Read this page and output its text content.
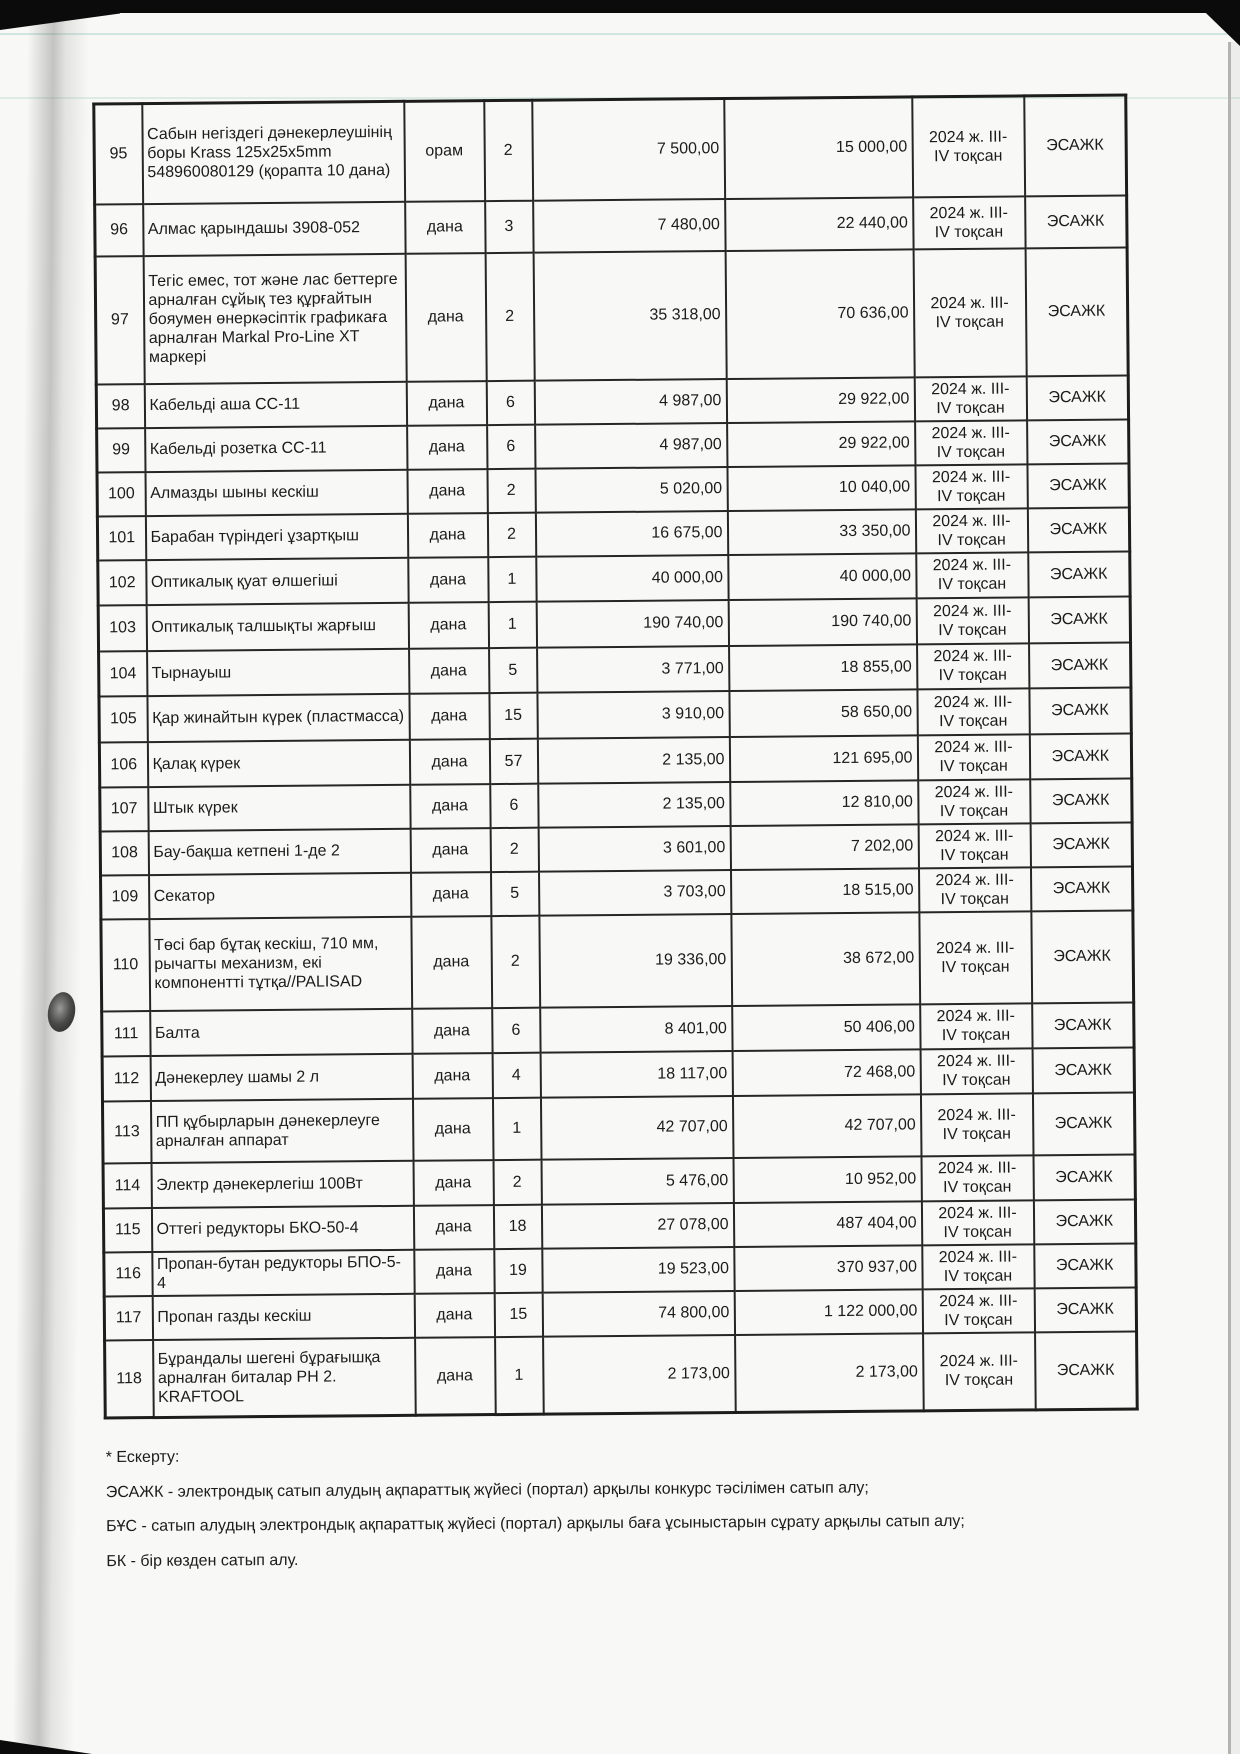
95	Сабын негіздегі дәнекерлеушінің боры Krass 125x25x5mm 548960080129 (қорапта 10 дана)	орам	2	7 500,00	15 000,00	2024 ж. III-
IV тоқсан	ЭСАЖК
96	Алмас қарындашы 3908-052	дана	3	7 480,00	22 440,00	2024 ж. III-
IV тоқсан	ЭСАЖК
97	Тегіс емес, тот және лас беттерге арналған сұйық тез құрғайтын бояумен өнеркәсіптік графикаға арналған Markal Pro-Line XT маркері	дана	2	35 318,00	70 636,00	2024 ж. III-
IV тоқсан	ЭСАЖК
98	Кабельді аша СС-11	дана	6	4 987,00	29 922,00	2024 ж. III-
IV тоқсан	ЭСАЖК
99	Кабельді розетка СС-11	дана	6	4 987,00	29 922,00	2024 ж. III-
IV тоқсан	ЭСАЖК
100	Алмазды шыны кескіш	дана	2	5 020,00	10 040,00	2024 ж. III-
IV тоқсан	ЭСАЖК
101	Барабан түріндегі ұзартқыш	дана	2	16 675,00	33 350,00	2024 ж. III-
IV тоқсан	ЭСАЖК
102	Оптикалық қуат өлшегіші	дана	1	40 000,00	40 000,00	2024 ж. III-
IV тоқсан	ЭСАЖК
103	Оптикалық талшықты жарғыш	дана	1	190 740,00	190 740,00	2024 ж. III-
IV тоқсан	ЭСАЖК
104	Тырнауыш	дана	5	3 771,00	18 855,00	2024 ж. III-
IV тоқсан	ЭСАЖК
105	Қар жинайтын күрек (пластмасса)	дана	15	3 910,00	58 650,00	2024 ж. III-
IV тоқсан	ЭСАЖК
106	Қалақ күрек	дана	57	2 135,00	121 695,00	2024 ж. III-
IV тоқсан	ЭСАЖК
107	Штык күрек	дана	6	2 135,00	12 810,00	2024 ж. III-
IV тоқсан	ЭСАЖК
108	Бау-бақша кетпені 1-де 2	дана	2	3 601,00	7 202,00	2024 ж. III-
IV тоқсан	ЭСАЖК
109	Секатор	дана	5	3 703,00	18 515,00	2024 ж. III-
IV тоқсан	ЭСАЖК
110	Төсі бар бұтақ кескіш, 710 мм, рычагты механизм, екі компонентті тұтқа//PALISAD	дана	2	19 336,00	38 672,00	2024 ж. III-
IV тоқсан	ЭСАЖК
111	Балта	дана	6	8 401,00	50 406,00	2024 ж. III-
IV тоқсан	ЭСАЖК
112	Дәнекерлеу шамы 2 л	дана	4	18 117,00	72 468,00	2024 ж. III-
IV тоқсан	ЭСАЖК
113	ПП құбырларын дәнекерлеуге арналған аппарат	дана	1	42 707,00	42 707,00	2024 ж. III-
IV тоқсан	ЭСАЖК
114	Электр дәнекерлегіш 100Вт	дана	2	5 476,00	10 952,00	2024 ж. III-
IV тоқсан	ЭСАЖК
115	Оттегі редукторы БКО-50-4	дана	18	27 078,00	487 404,00	2024 ж. III-
IV тоқсан	ЭСАЖК
116	Пропан-бутан редукторы БПО-5-4	дана	19	19 523,00	370 937,00	2024 ж. III-
IV тоқсан	ЭСАЖК
117	Пропан газды кескіш	дана	15	74 800,00	1 122 000,00	2024 ж. III-
IV тоқсан	ЭСАЖК
118	Бұрандалы шегені бұрағышқа арналған биталар PH 2. KRAFTOOL	дана	1	2 173,00	2 173,00	2024 ж. III-
IV тоқсан	ЭСАЖК

* Ескерту:

ЭСАЖК - электрондық сатып алудың ақпараттық жүйесі (портал) арқылы конкурс тәсілімен сатып алу;

БҰС - сатып алудың электрондық ақпараттық жүйесі (портал) арқылы баға ұсыныстарын сұрату арқылы сатып алу;

БК - бір көзден сатып алу.
